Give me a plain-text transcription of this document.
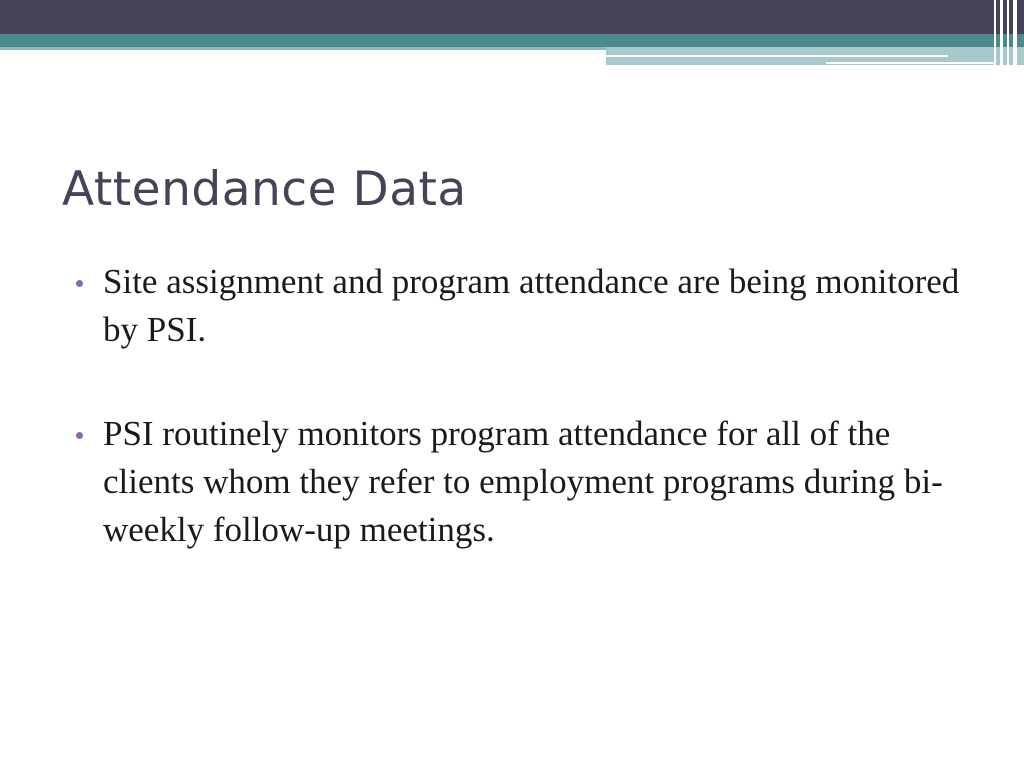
Attendance Data
Site assignment and program attendance are being monitored by PSI.
PSI routinely monitors program attendance for all of the clients whom they refer to employment programs during bi-weekly follow-up meetings.
